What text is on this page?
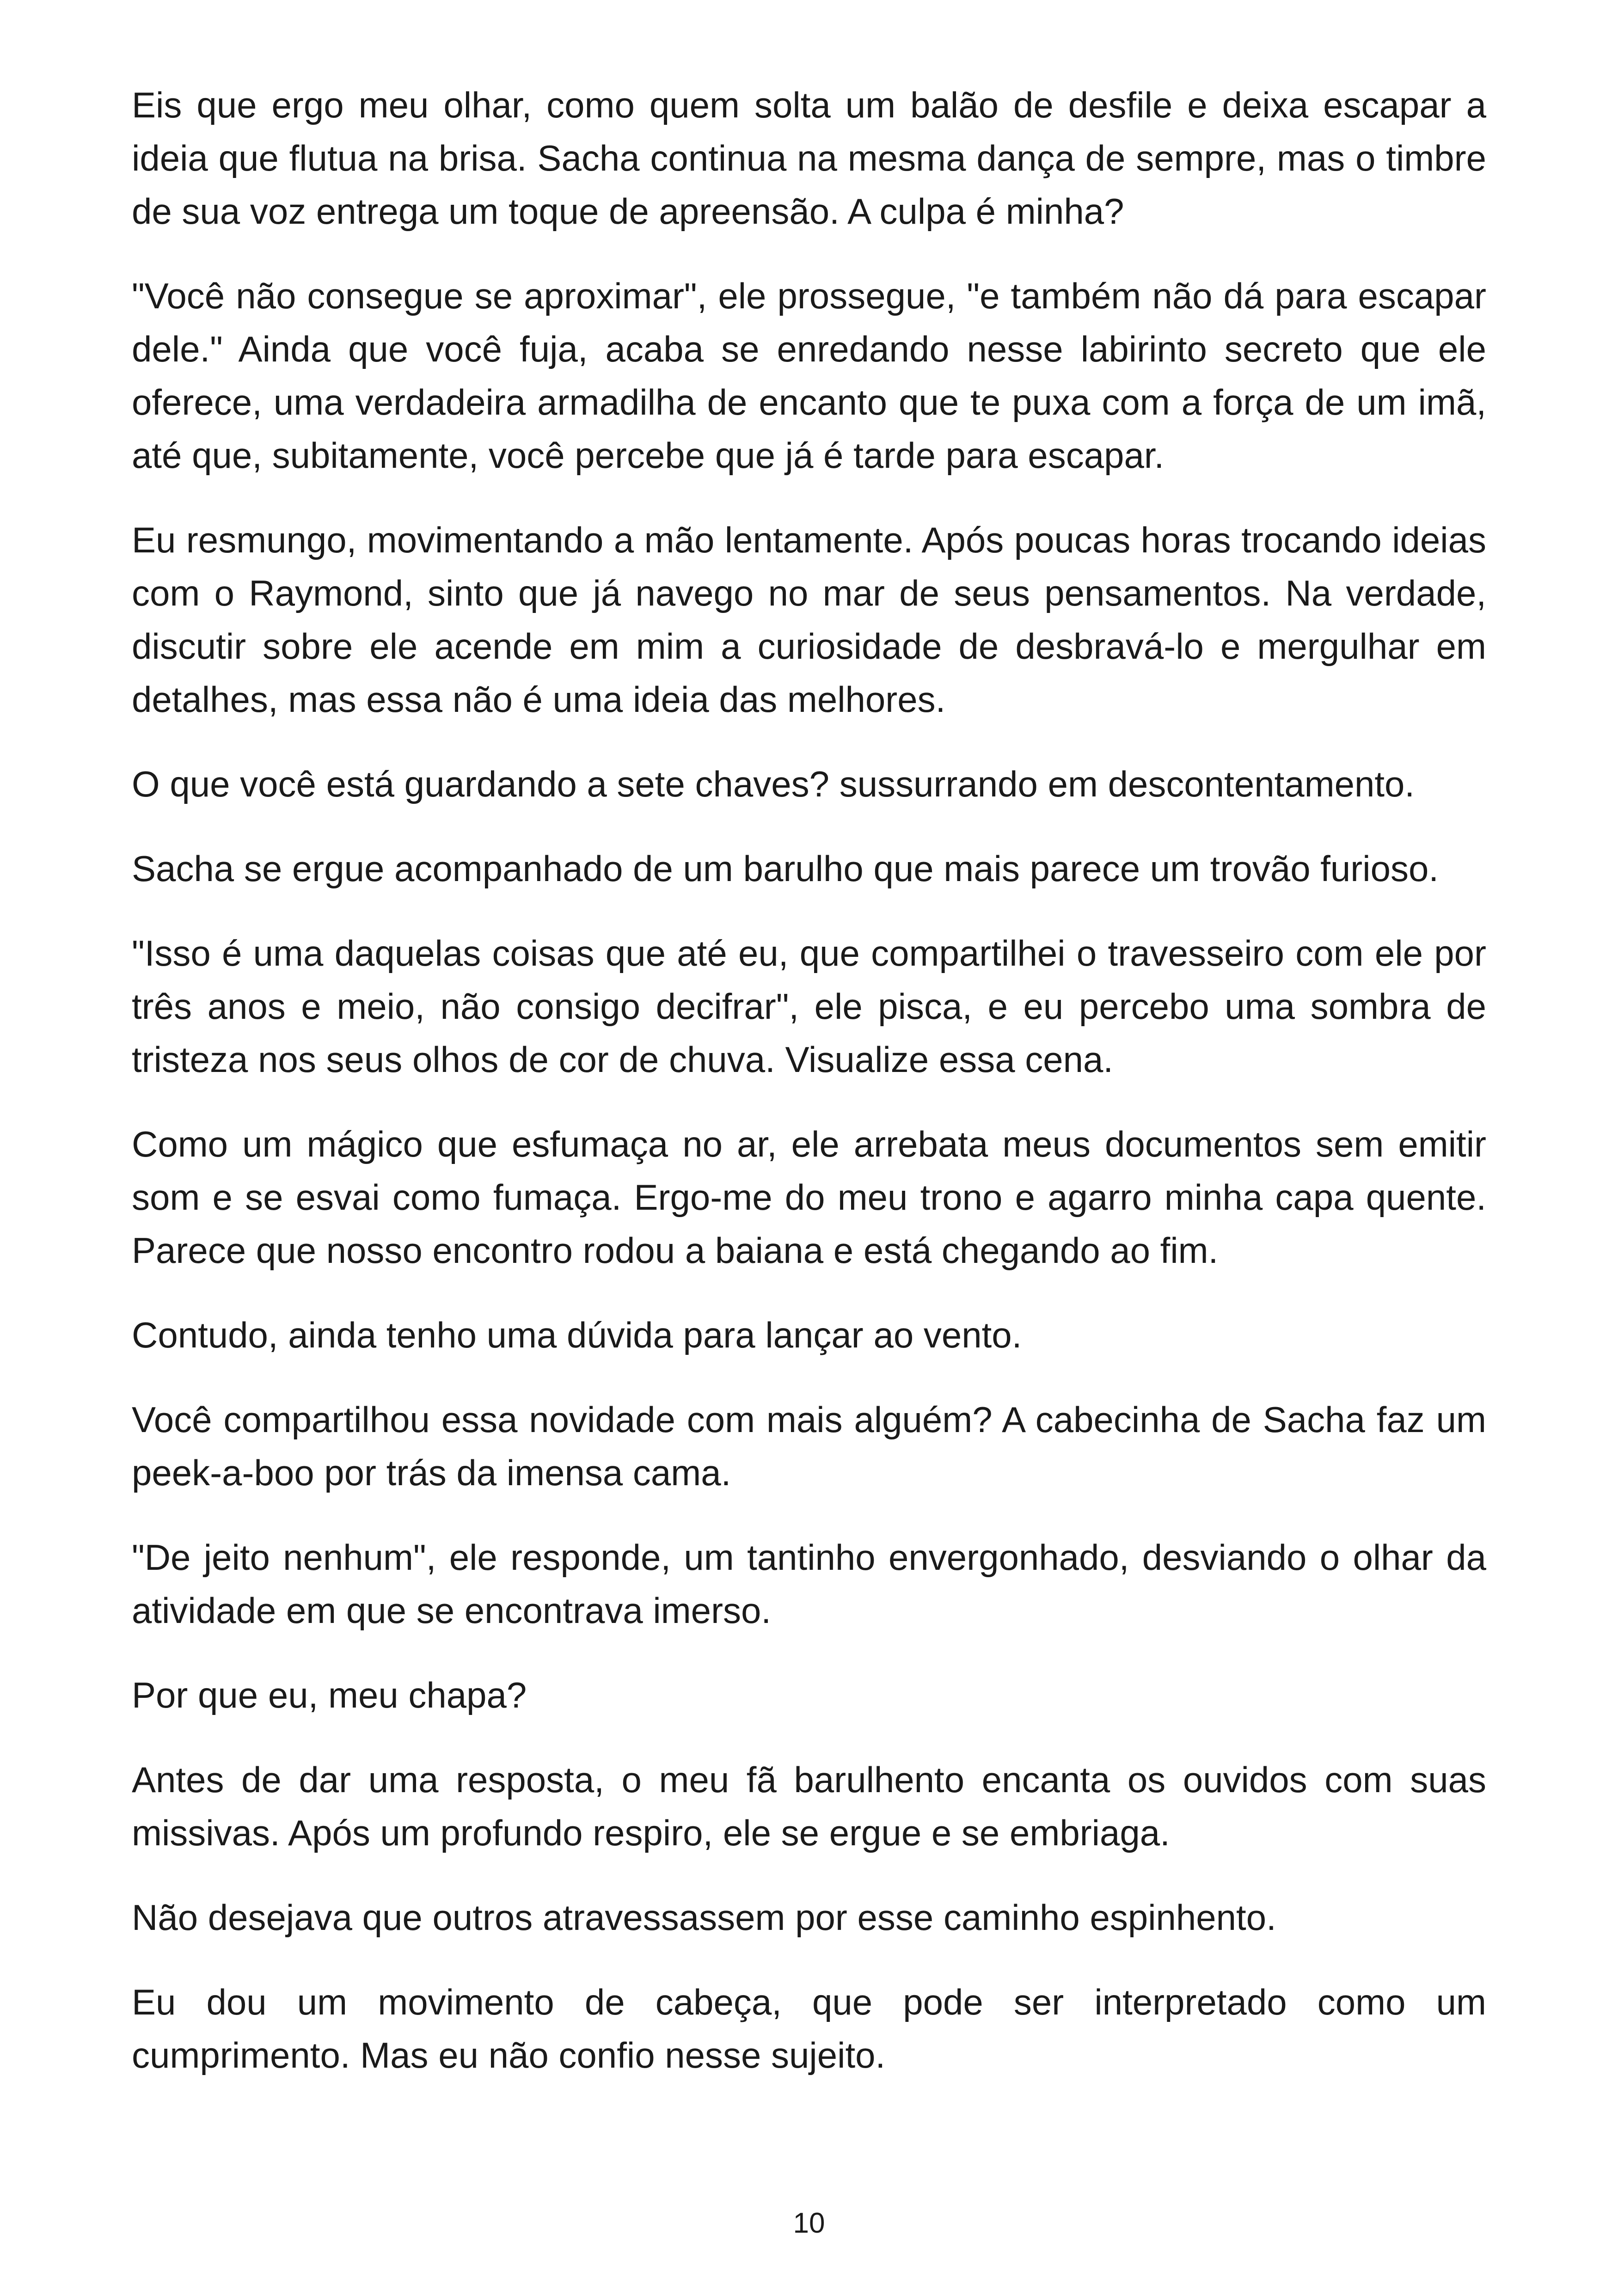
Eis que ergo meu olhar, como quem solta um balão de desfile e deixa escapar a ideia que flutua na brisa. Sacha continua na mesma dança de sempre, mas o timbre de sua voz entrega um toque de apreensão. A culpa é minha?

"Você não consegue se aproximar", ele prossegue, "e também não dá para escapar dele." Ainda que você fuja, acaba se enredando nesse labirinto secreto que ele oferece, uma verdadeira armadilha de encanto que te puxa com a força de um imã, até que, subitamente, você percebe que já é tarde para escapar.

Eu resmungo, movimentando a mão lentamente. Após poucas horas trocando ideias com o Raymond, sinto que já navego no mar de seus pensamentos. Na verdade, discutir sobre ele acende em mim a curiosidade de desbravá-lo e mergulhar em detalhes, mas essa não é uma ideia das melhores.

O que você está guardando a sete chaves? sussurrando em descontentamento.

Sacha se ergue acompanhado de um barulho que mais parece um trovão furioso.

"Isso é uma daquelas coisas que até eu, que compartilhei o travesseiro com ele por três anos e meio, não consigo decifrar", ele pisca, e eu percebo uma sombra de tristeza nos seus olhos de cor de chuva. Visualize essa cena.

Como um mágico que esfumaça no ar, ele arrebata meus documentos sem emitir som e se esvai como fumaça. Ergo-me do meu trono e agarro minha capa quente. Parece que nosso encontro rodou a baiana e está chegando ao fim.

Contudo, ainda tenho uma dúvida para lançar ao vento.

Você compartilhou essa novidade com mais alguém? A cabecinha de Sacha faz um peek-a-boo por trás da imensa cama.

"De jeito nenhum", ele responde, um tantinho envergonhado, desviando o olhar da atividade em que se encontrava imerso.

Por que eu, meu chapa?

Antes de dar uma resposta, o meu fã barulhento encanta os ouvidos com suas missivas. Após um profundo respiro, ele se ergue e se embriaga.

Não desejava que outros atravessassem por esse caminho espinhento.

Eu dou um movimento de cabeça, que pode ser interpretado como um cumprimento. Mas eu não confio nesse sujeito.

10
